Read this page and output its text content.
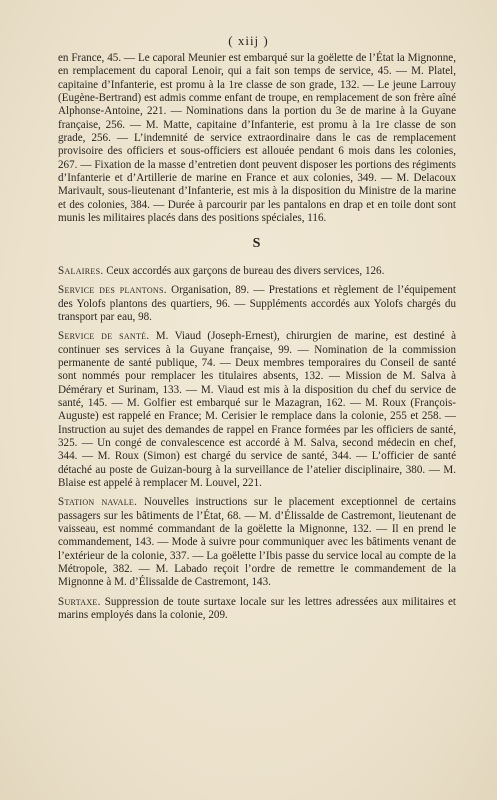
( xiij )

en France, 45. — Le caporal Meunier est embarqué sur la goëlette de l’État la Mignonne, en remplacement du caporal Lenoir, qui a fait son temps de service, 45. — M. Platel, capitaine d’Infanterie, est promu à la 1re classe de son grade, 132. — Le jeune Larrouy (Eugène-Bertrand) est admis comme enfant de troupe, en remplacement de son frère aîné Alphonse-Antoine, 221. — Nominations dans la portion du 3e de marine à la Guyane française, 256. — M. Matte, capitaine d’Infanterie, est promu à la 1re classe de son grade, 256. — L’indemnité de service extraordinaire dans le cas de remplacement provisoire des officiers et sous-officiers est allouée pendant 6 mois dans les colonies, 267. — Fixation de la masse d’entretien dont peuvent disposer les portions des régiments d’Infanterie et d’Artillerie de marine en France et aux colonies, 349. — M. Delacoux Marivault, sous-lieutenant d’Infanterie, est mis à la disposition du Ministre de la marine et des colonies, 384. — Durée à parcourir par les pantalons en drap et en toile dont sont munis les militaires placés dans des positions spéciales, 116.

S

Salaires. Ceux accordés aux garçons de bureau des divers services, 126.

Service des plantons. Organisation, 89. — Prestations et règlement de l’équipement des Yolofs plantons des quartiers, 96. — Suppléments accordés aux Yolofs chargés du transport par eau, 98.

Service de santé. M. Viaud (Joseph-Ernest), chirurgien de marine, est destiné à continuer ses services à la Guyane française, 99. — Nomination de la commission permanente de santé publique, 74. — Deux membres temporaires du Conseil de santé sont nommés pour remplacer les titulaires absents, 132. — Mission de M. Salva à Démérary et Surinam, 133. — M. Viaud est mis à la disposition du chef du service de santé, 145. — M. Golfier est embarqué sur le Mazagran, 162. — M. Roux (François-Auguste) est rappelé en France; M. Cerisier le remplace dans la colonie, 255 et 258. — Instruction au sujet des demandes de rappel en France formées par les officiers de santé, 325. — Un congé de convalescence est accordé à M. Salva, second médecin en chef, 344. — M. Roux (Simon) est chargé du service de santé, 344. — L’officier de santé détaché au poste de Guizan-bourg à la surveillance de l’atelier disciplinaire, 380. — M. Blaise est appelé à remplacer M. Louvel, 221.

Station navale. Nouvelles instructions sur le placement exceptionnel de certains passagers sur les bâtiments de l’État, 68. — M. d’Élissalde de Castremont, lieutenant de vaisseau, est nommé commandant de la goëlette la Mignonne, 132. — Il en prend le commandement, 143. — Mode à suivre pour communiquer avec les bâtiments venant de l’extérieur de la colonie, 337. — La goëlette l’Ibis passe du service local au compte de la Métropole, 382. — M. Labado reçoit l’ordre de remettre le commandement de la Mignonne à M. d’Élissalde de Castremont, 143.

Surtaxe. Suppression de toute surtaxe locale sur les lettres adressées aux militaires et marins employés dans la colonie, 209.
